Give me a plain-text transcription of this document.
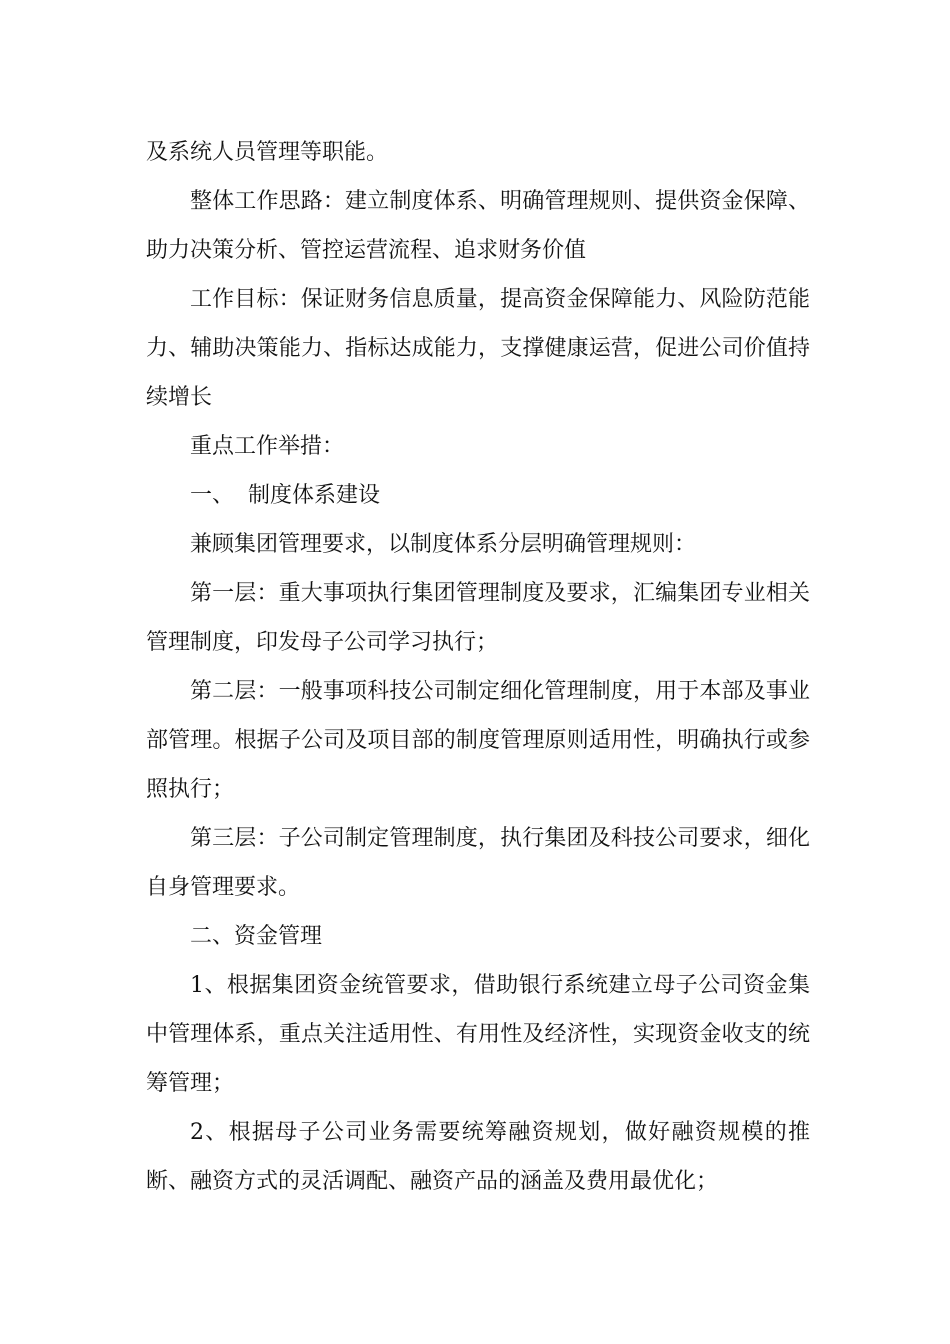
及系统人员管理等职能。

整体工作思路：建立制度体系、明确管理规则、提供资金保障、助力决策分析、管控运营流程、追求财务价值

工作目标：保证财务信息质量，提高资金保障能力、风险防范能力、辅助决策能力、指标达成能力，支撑健康运营，促进公司价值持续增长

重点工作举措：

一、  制度体系建设

兼顾集团管理要求，以制度体系分层明确管理规则：

第一层：重大事项执行集团管理制度及要求，汇编集团专业相关管理制度，印发母子公司学习执行；

第二层：一般事项科技公司制定细化管理制度，用于本部及事业部管理。根据子公司及项目部的制度管理原则适用性，明确执行或参照执行；

第三层：子公司制定管理制度，执行集团及科技公司要求，细化自身管理要求。

二、资金管理

1、根据集团资金统管要求，借助银行系统建立母子公司资金集中管理体系，重点关注适用性、有用性及经济性，实现资金收支的统筹管理；

2、根据母子公司业务需要统筹融资规划，做好融资规模的推断、融资方式的灵活调配、融资产品的涵盖及费用最优化；
